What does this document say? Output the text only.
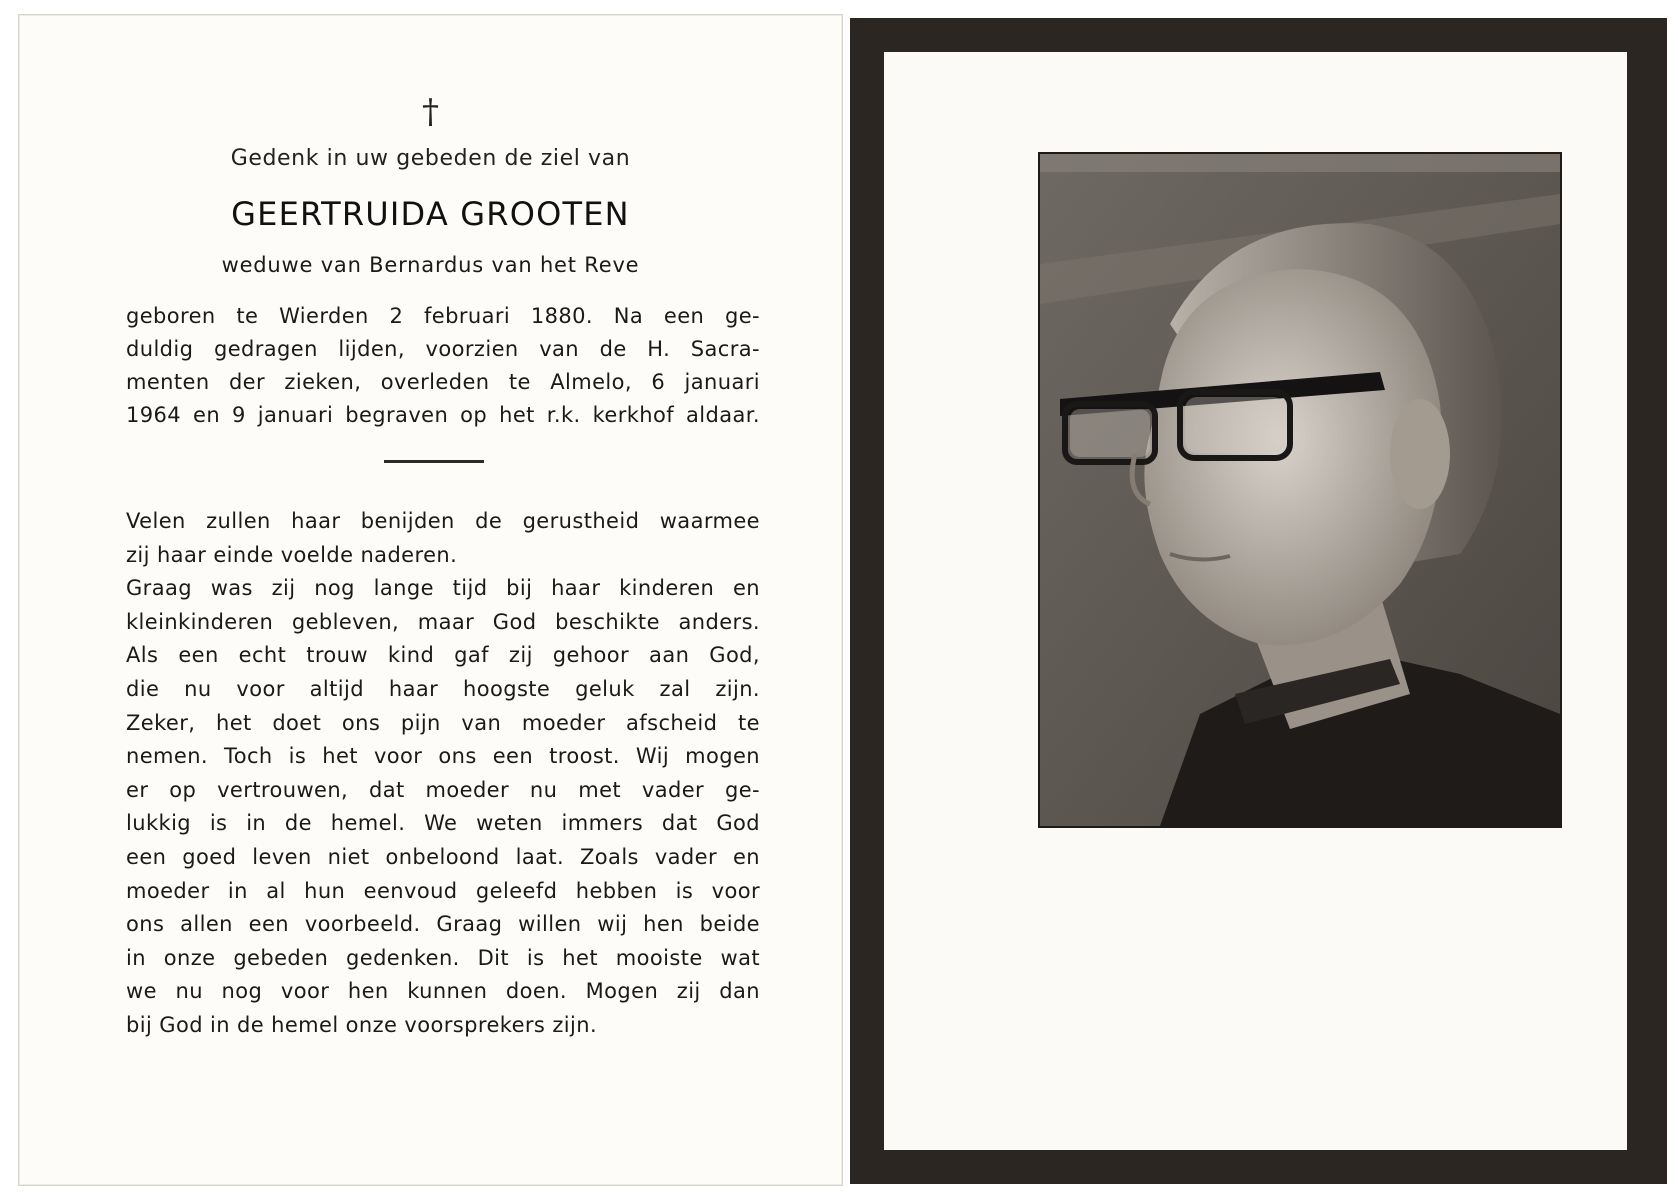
†
Gedenk in uw gebeden de ziel van
GEERTRUIDA GROOTEN
weduwe van Bernardus van het Reve
geboren te Wierden 2 februari 1880. Na een ge-
duldig gedragen lijden, voorzien van de H. Sacra-
menten der zieken, overleden te Almelo, 6 januari
1964 en 9 januari begraven op het r.k. kerkhof aldaar.
Velen zullen haar benijden de gerustheid waarmee
zij haar einde voelde naderen.
Graag was zij nog lange tijd bij haar kinderen en
kleinkinderen gebleven, maar God beschikte anders.
Als een echt trouw kind gaf zij gehoor aan God,
die nu voor altijd haar hoogste geluk zal zijn.
Zeker, het doet ons pijn van moeder afscheid te
nemen. Toch is het voor ons een troost. Wij mogen
er op vertrouwen, dat moeder nu met vader ge-
lukkig is in de hemel. We weten immers dat God
een goed leven niet onbeloond laat. Zoals vader en
moeder in al hun eenvoud geleefd hebben is voor
ons allen een voorbeeld. Graag willen wij hen beide
in onze gebeden gedenken. Dit is het mooiste wat
we nu nog voor hen kunnen doen. Mogen zij dan
bij God in de hemel onze voorsprekers zijn.
